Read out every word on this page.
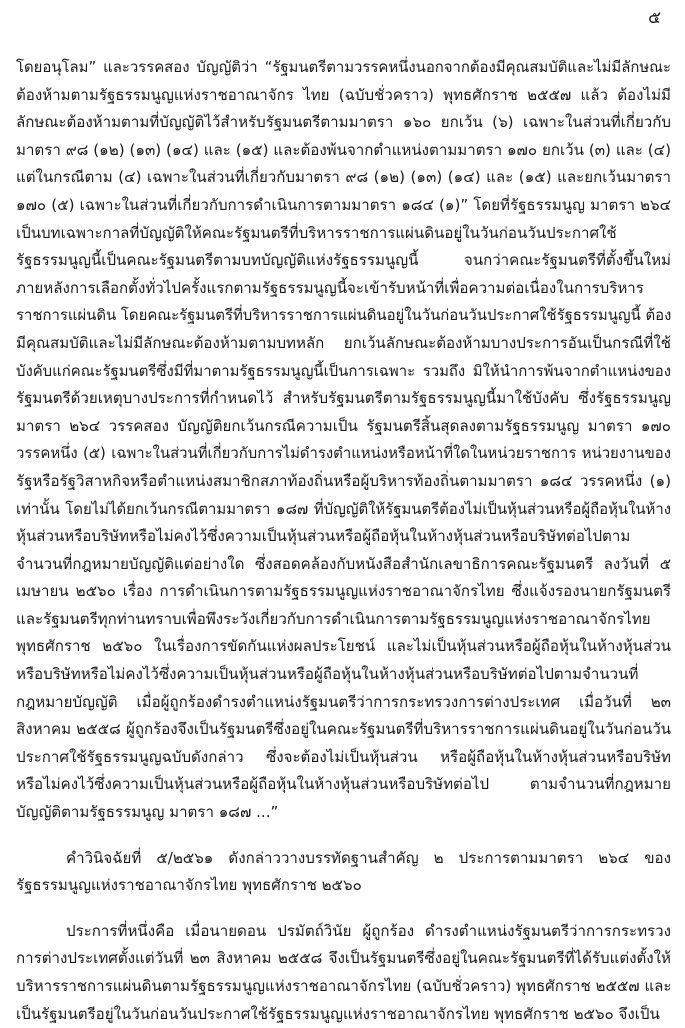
๕
โดยอนุโลม” และวรรคสอง บัญญัติว่า “รัฐมนตรีตามวรรคหนึ่งนอกจากต้องมีคุณสมบัติและไม่มีลักษณะ
ต้องห้ามตามรัฐธรรมนูญแห่งราชอาณาจักร ไทย (ฉบับชั่วคราว) พุทธศักราช ๒๕๕๗ แล้ว ต้องไม่มี
ลักษณะต้องห้ามตามที่บัญญัติไว้สำหรับรัฐมนตรีตามมาตรา ๑๖๐ ยกเว้น (๖) เฉพาะในส่วนที่เกี่ยวกับ
มาตรา ๙๘ (๑๒) (๑๓) (๑๔) และ (๑๕) และต้องพ้นจากตำแหน่งตามมาตรา ๑๗๐ ยกเว้น (๓) และ (๔)
แต่ในกรณีตาม (๔) เฉพาะในส่วนที่เกี่ยวกับมาตรา ๙๘ (๑๒) (๑๓) (๑๔) และ (๑๕) และยกเว้นมาตรา
๑๗๐ (๕) เฉพาะในส่วนที่เกี่ยวกับการดำเนินการตามมาตรา ๑๘๔ (๑)” โดยที่รัฐธรรมนูญ มาตรา ๒๖๔
เป็นบทเฉพาะกาลที่บัญญัติให้คณะรัฐมนตรีที่บริหารราชการแผ่นดินอยู่ในวันก่อนวันประกาศใช้
รัฐธรรมนูญนี้เป็นคณะรัฐมนตรีตามบทบัญญัติแห่งรัฐธรรมนูญนี้ จนกว่าคณะรัฐมนตรีที่ตั้งขึ้นใหม่
ภายหลังการเลือกตั้งทั่วไปครั้งแรกตามรัฐธรรมนูญนี้จะเข้ารับหน้าที่เพื่อความต่อเนื่องในการบริหาร
ราชการแผ่นดิน โดยคณะรัฐมนตรีที่บริหารราชการแผ่นดินอยู่ในวันก่อนวันประกาศใช้รัฐธรรมนูญนี้ ต้อง
มีคุณสมบัติและไม่มีลักษณะต้องห้ามตามบทหลัก ยกเว้นลักษณะต้องห้ามบางประการอันเป็นกรณีที่ใช้
บังคับแก่คณะรัฐมนตรีซึ่งมีที่มาตามรัฐธรรมนูญนี้เป็นการเฉพาะ รวมถึง มิให้นำการพ้นจากตำแหน่งของ
รัฐมนตรีด้วยเหตุบางประการที่กำหนดไว้ สำหรับรัฐมนตรีตามรัฐธรรมนูญนี้มาใช้บังคับ ซึ่งรัฐธรรมนูญ
มาตรา ๒๖๔ วรรคสอง บัญญัติยกเว้นกรณีความเป็น รัฐมนตรีสิ้นสุดลงตามรัฐธรรมนูญ มาตรา ๑๗๐
วรรคหนึ่ง (๕) เฉพาะในส่วนที่เกี่ยวกับการไม่ดำรงตำแหน่งหรือหน้าที่ใดในหน่วยราชการ หน่วยงานของ
รัฐหรือรัฐวิสาหกิจหรือตำแหน่งสมาชิกสภาท้องถิ่นหรือผู้บริหารท้องถิ่นตามมาตรา ๑๘๔ วรรคหนึ่ง (๑)
เท่านั้น โดยไม่ได้ยกเว้นกรณีตามมาตรา ๑๘๗ ที่บัญญัติให้รัฐมนตรีต้องไม่เป็นหุ้นส่วนหรือผู้ถือหุ้นในห้าง
หุ้นส่วนหรือบริษัทหรือไม่คงไว้ซึ่งความเป็นหุ้นส่วนหรือผู้ถือหุ้นในห้างหุ้นส่วนหรือบริษัทต่อไปตาม
จำนวนที่กฎหมายบัญญัติแต่อย่างใด ซึ่งสอดคล้องกับหนังสือสำนักเลขาธิการคณะรัฐมนตรี ลงวันที่ ๕
เมษายน ๒๕๖๐ เรื่อง การดำเนินการตามรัฐธรรมนูญแห่งราชอาณาจักรไทย ซึ่งแจ้งรองนายกรัฐมนตรี
และรัฐมนตรีทุกท่านทราบเพื่อพึงระวังเกี่ยวกับการดำเนินการตามรัฐธรรมนูญแห่งราชอาณาจักรไทย
พุทธศักราช ๒๕๖๐ ในเรื่องการขัดกันแห่งผลประโยชน์ และไม่เป็นหุ้นส่วนหรือผู้ถือหุ้นในห้างหุ้นส่วน
หรือบริษัทหรือไม่คงไว้ซึ่งความเป็นหุ้นส่วนหรือผู้ถือหุ้นในห้างหุ้นส่วนหรือบริษัทต่อไปตามจำนวนที่
กฎหมายบัญญัติ เมื่อผู้ถูกร้องดำรงตำแหน่งรัฐมนตรีว่าการกระทรวงการต่างประเทศ เมื่อวันที่ ๒๓
สิงหาคม ๒๕๕๘ ผู้ถูกร้องจึงเป็นรัฐมนตรีซึ่งอยู่ในคณะรัฐมนตรีที่บริหารราชการแผ่นดินอยู่ในวันก่อนวัน
ประกาศใช้รัฐธรรมนูญฉบับดังกล่าว ซึ่งจะต้องไม่เป็นหุ้นส่วน หรือผู้ถือหุ้นในห้างหุ้นส่วนหรือบริษัท
หรือไม่คงไว้ซึ่งความเป็นหุ้นส่วนหรือผู้ถือหุ้นในห้างหุ้นส่วนหรือบริษัทต่อไป ตามจำนวนที่กฎหมาย
บัญญัติตามรัฐธรรมนูญ มาตรา ๑๘๗ ...”
คำวินิจฉัยที่ ๕/๒๕๖๑ ดังกล่าววางบรรทัดฐานสำคัญ ๒ ประการตามมาตรา ๒๖๔ ของ
รัฐธรรมนูญแห่งราชอาณาจักรไทย พุทธศักราช ๒๕๖๐
ประการที่หนึ่งคือ เมื่อนายดอน ปรมัตถ์วินัย ผู้ถูกร้อง ดำรงตำแหน่งรัฐมนตรีว่าการกระทรวง
การต่างประเทศตั้งแต่วันที่ ๒๓ สิงหาคม ๒๕๕๘ จึงเป็นรัฐมนตรีซึ่งอยู่ในคณะรัฐมนตรีที่ได้รับแต่งตั้งให้
บริหารราชการแผ่นดินตามรัฐธรรมนูญแห่งราชอาณาจักรไทย (ฉบับชั่วคราว) พุทธศักราช ๒๕๕๗ และ
เป็นรัฐมนตรีอยู่ในวันก่อนวันประกาศใช้รัฐธรรมนูญแห่งราชอาณาจักรไทย พุทธศักราช ๒๕๖๐ จึงเป็น
